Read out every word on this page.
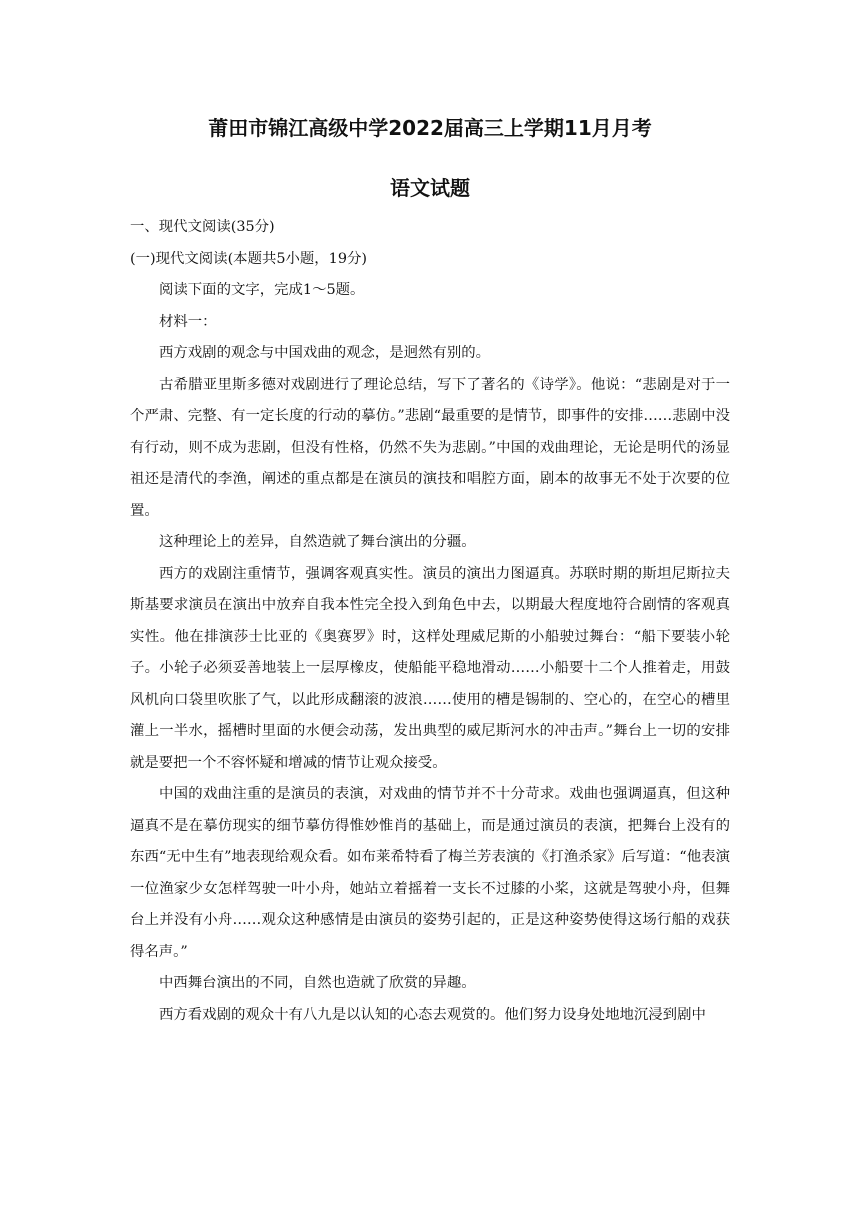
莆田市锦江高级中学2022届高三上学期11月月考
语文试题

一、现代文阅读(35分)

(一)现代文阅读(本题共5小题，19分)

阅读下面的文字，完成1～5题。

材料一：

西方戏剧的观念与中国戏曲的观念，是迥然有别的。

古希腊亚里斯多德对戏剧进行了理论总结，写下了著名的《诗学》。他说：“悲剧是对于一个严肃、完整、有一定长度的行动的摹仿。”悲剧“最重要的是情节，即事件的安排……悲剧中没有行动，则不成为悲剧，但没有性格，仍然不失为悲剧。”中国的戏曲理论，无论是明代的汤显祖还是清代的李渔，阐述的重点都是在演员的演技和唱腔方面，剧本的故事无不处于次要的位置。

这种理论上的差异，自然造就了舞台演出的分疆。

西方的戏剧注重情节，强调客观真实性。演员的演出力图逼真。苏联时期的斯坦尼斯拉夫斯基要求演员在演出中放弃自我本性完全投入到角色中去，以期最大程度地符合剧情的客观真实性。他在排演莎士比亚的《奥赛罗》时，这样处理威尼斯的小船驶过舞台：“船下要装小轮子。小轮子必须妥善地装上一层厚橡皮，使船能平稳地滑动……小船要十二个人推着走，用鼓风机向口袋里吹胀了气，以此形成翻滚的波浪……使用的槽是锡制的、空心的，在空心的槽里灌上一半水，摇槽时里面的水便会动荡，发出典型的威尼斯河水的冲击声。”舞台上一切的安排就是要把一个不容怀疑和增减的情节让观众接受。

中国的戏曲注重的是演员的表演，对戏曲的情节并不十分苛求。戏曲也强调逼真，但这种逼真不是在摹仿现实的细节摹仿得惟妙惟肖的基础上，而是通过演员的表演，把舞台上没有的东西“无中生有”地表现给观众看。如布莱希特看了梅兰芳表演的《打渔杀家》后写道：“他表演一位渔家少女怎样驾驶一叶小舟，她站立着摇着一支长不过膝的小桨，这就是驾驶小舟，但舞台上并没有小舟……观众这种感情是由演员的姿势引起的，正是这种姿势使得这场行船的戏获得名声。”

中西舞台演出的不同，自然也造就了欣赏的异趣。

西方看戏剧的观众十有八九是以认知的心态去观赏的。他们努力设身处地地沉浸到剧中
